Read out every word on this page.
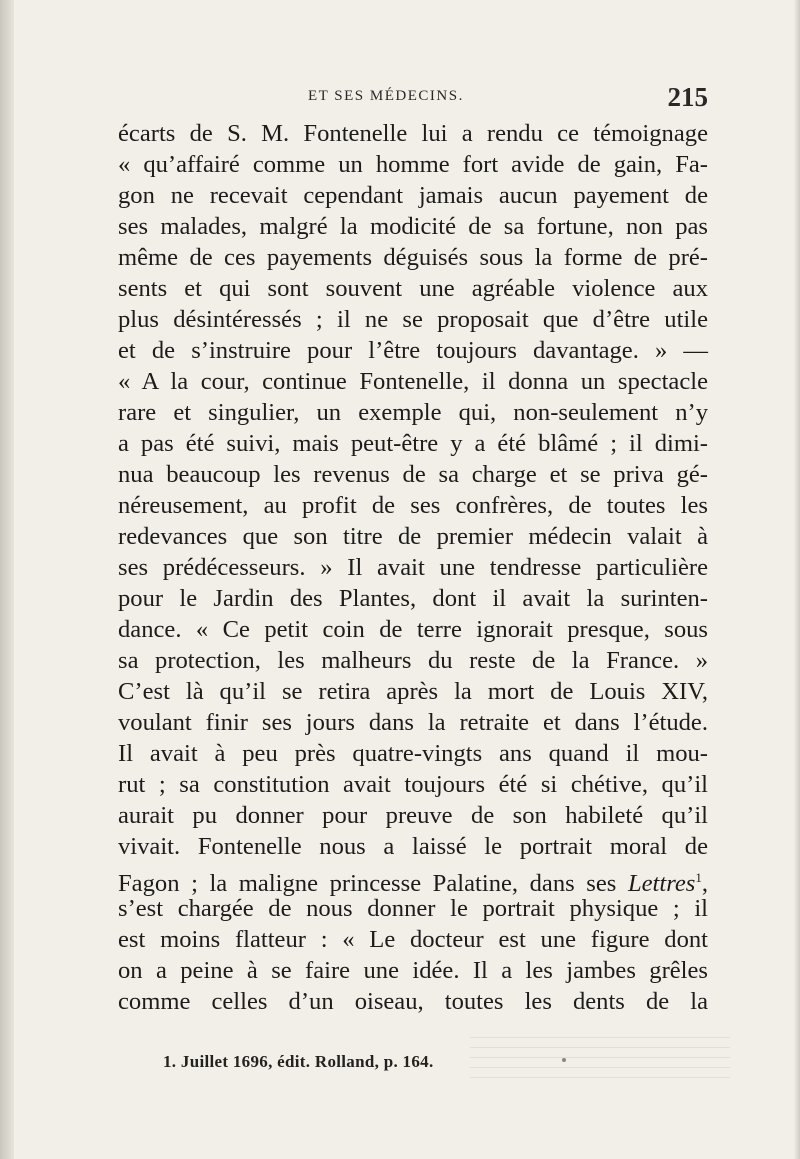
ET SES MÉDECINS.	215
écarts de S. M. Fontenelle lui a rendu ce témoignage
« qu’affairé comme un homme fort avide de gain, Fa-
gon ne recevait cependant jamais aucun payement de
ses malades, malgré la modicité de sa fortune, non pas
même de ces payements déguisés sous la forme de pré-
sents et qui sont souvent une agréable violence aux
plus désintéressés ; il ne se proposait que d’être utile
et de s’instruire pour l’être toujours davantage. » —
« A la cour, continue Fontenelle, il donna un spectacle
rare et singulier, un exemple qui, non-seulement n’y
a pas été suivi, mais peut-être y a été blâmé ; il dimi-
nua beaucoup les revenus de sa charge et se priva gé-
néreusement, au profit de ses confrères, de toutes les
redevances que son titre de premier médecin valait à
ses prédécesseurs. » Il avait une tendresse particulière
pour le Jardin des Plantes, dont il avait la surinten-
dance. « Ce petit coin de terre ignorait presque, sous
sa protection, les malheurs du reste de la France. »
C’est là qu’il se retira après la mort de Louis XIV,
voulant finir ses jours dans la retraite et dans l’étude.
Il avait à peu près quatre-vingts ans quand il mou-
rut ; sa constitution avait toujours été si chétive, qu’il
aurait pu donner pour preuve de son habileté qu’il
vivait. Fontenelle nous a laissé le portrait moral de
Fagon ; la maligne princesse Palatine, dans ses Lettres$^1$,
s’est chargée de nous donner le portrait physique ; il
est moins flatteur : « Le docteur est une figure dont
on a peine à se faire une idée. Il a les jambes grêles
comme celles d’un oiseau, toutes les dents de la
1. Juillet 1696, édit. Rolland, p. 164.
